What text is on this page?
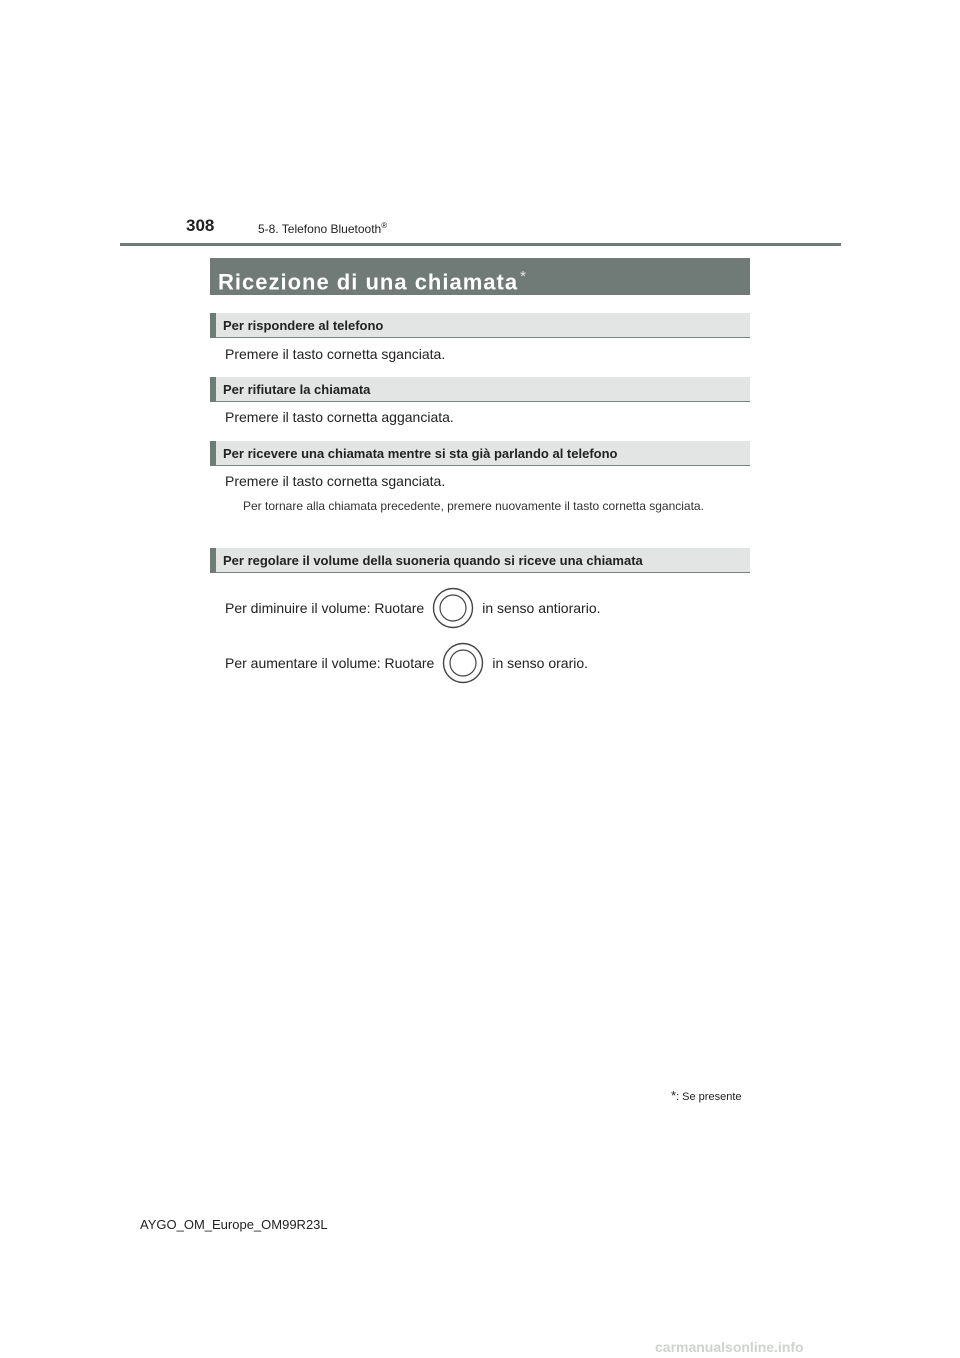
308	5-8. Telefono Bluetooth®
Ricezione di una chiamata *
Per rispondere al telefono
Premere il tasto cornetta sganciata.
Per rifiutare la chiamata
Premere il tasto cornetta agganciata.
Per ricevere una chiamata mentre si sta già parlando al telefono
Premere il tasto cornetta sganciata.
Per tornare alla chiamata precedente, premere nuovamente il tasto cornetta sganciata.
Per regolare il volume della suoneria quando si riceve una chiamata
Per diminuire il volume: Ruotare	in senso antiorario.
Per aumentare il volume: Ruotare	in senso orario.
*: Se presente
AYGO_OM_Europe_OM99R23L
carmanualsonline.info
